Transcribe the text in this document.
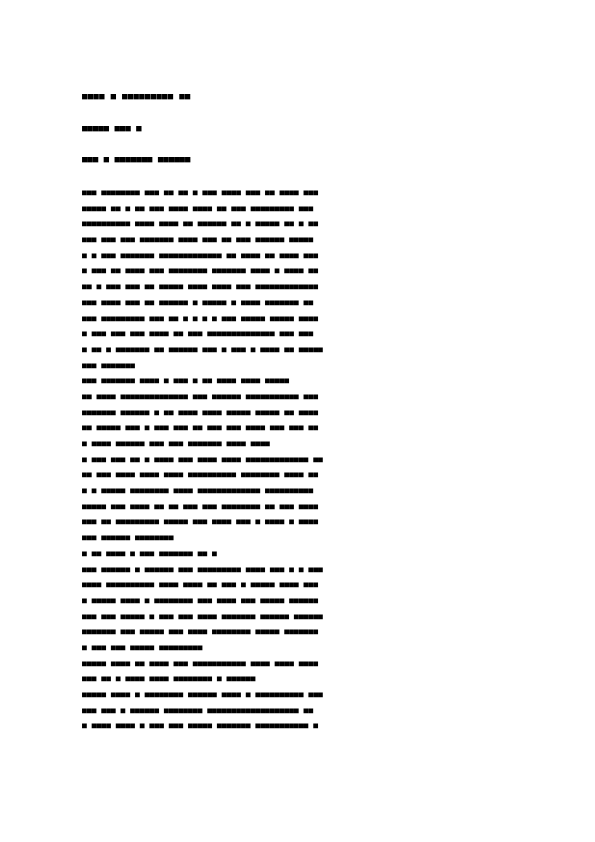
■■■■ ■ ■■■■■■■■■ ■■
■■■■■ ■■■ ■
■■■ ■ ■■■■■■■ ■■■■■■
■■■ ■■■■■■■■ ■■■ ■■ ■■ ■ ■■■ ■■■■ ■■■ ■■ ■■■■ ■■■
■■■■■ ■■ ■ ■■ ■■■ ■■■■ ■■■■ ■■ ■■■ ■■■■■■■■■ ■■■
■■■■■■■■■■ ■■■■ ■■■■ ■■ ■■■■■■ ■■ ■ ■■■■■ ■■ ■ ■■
■■■ ■■■ ■■■ ■■■■■■■ ■■■■ ■■■ ■■ ■■■ ■■■■■■ ■■■■■
■ ■ ■■■ ■■■■■■■ ■■■■■■■■■■■■■ ■■ ■■■■ ■■ ■■■■ ■■■
■ ■■■ ■■ ■■■■ ■■■ ■■■■■■■■ ■■■■■■■ ■■■■ ■ ■■■■ ■■
■■ ■ ■■■ ■■■ ■■ ■■■■■ ■■■■ ■■■■ ■■■ ■■■■■■■■■■■■■
■■■ ■■■■ ■■■ ■■ ■■■■■■ ■ ■■■■■ ■ ■■■■ ■■■■■■■ ■■
■■■ ■■■■■■■■■ ■■■ ■■ ■ ■ ■ ■ ■■■ ■■■■■ ■■■■■ ■■■■
■ ■■■ ■■■ ■■■ ■■■■ ■■ ■■■ ■■■■■■■■■■■■■■ ■■■ ■■■
■ ■■ ■ ■■■■■■■ ■■ ■■■■■■ ■■■ ■ ■■■ ■ ■■■■ ■■ ■■■■■
■■■ ■■■■■■■
■■■ ■■■■■■■ ■■■■ ■ ■■■ ■ ■■ ■■■■ ■■■■ ■■■■■
■■ ■■■■ ■■■■■■■■■■■■■■ ■■■ ■■■■■■ ■■■■■■■■■■■ ■■■
■■■■■■■ ■■■■■■ ■ ■■ ■■■■ ■■■■ ■■■■■ ■■■■■ ■■ ■■■■
■■ ■■■■■ ■■■ ■ ■■■ ■■■ ■■ ■■■ ■■■ ■■■■ ■■■ ■■■ ■■
■ ■■■■ ■■■■■■ ■■■ ■■■ ■■■■■■■ ■■■■ ■■■■
■ ■■■ ■■■ ■■ ■ ■■■■ ■■■ ■■■■ ■■■■ ■■■■■■■■■■■■■ ■■
■■ ■■■ ■■■■ ■■■■ ■■■■ ■■■■■■■■■■ ■■■■■■■■ ■■■■ ■■
■ ■ ■■■■■ ■■■■■■■■ ■■■■ ■■■■■■■■■■■■■ ■■■■■■■■■■
■■■■■ ■■■ ■■■■ ■■ ■■ ■■■ ■■■ ■■■■■■■■ ■■ ■■■ ■■■■
■■■ ■■ ■■■■■■■■■ ■■■■■ ■■■ ■■■■ ■■■ ■ ■■■■ ■ ■■■■
■■■ ■■■■■■ ■■■■■■■■
■ ■■ ■■■■ ■ ■■■ ■■■■■■■ ■■ ■
■■■ ■■■■■■ ■ ■■■■■■ ■■■ ■■■■■■■■■ ■■■■ ■■■ ■ ■ ■■■
■■■■ ■■■■■■■■■■ ■■■■ ■■■■ ■■ ■■■ ■ ■■■■■ ■■■■ ■■■
■ ■■■■■ ■■■■ ■ ■■■■■■■■ ■■■ ■■■■ ■■■ ■■■■■ ■■■■■■
■■■ ■■■ ■■■■■ ■ ■■■ ■■■ ■■■■ ■■■■■■■ ■■■■■■ ■■■■■■
■■■■■■■ ■■■ ■■■■■ ■■■ ■■■■ ■■■■■■■■ ■■■■■ ■■■■■■■
■ ■■■ ■■■ ■■■■■ ■■■■■■■■■
■■■■■ ■■■■ ■■ ■■■■ ■■■ ■■■■■■■■■■■ ■■■■ ■■■■ ■■■■
■■■ ■■ ■ ■■■■ ■■■■ ■■■■■■■■ ■ ■■■■■■
■■■■■ ■■■■ ■ ■■■■■■■■ ■■■■■■ ■■■■ ■ ■■■■■■■■■■ ■■■
■■■ ■■■ ■ ■■■■■■ ■■■■■■■■ ■■■■■■■■■■■■■■■■■■■ ■■
■ ■■■■ ■■■■ ■ ■■■ ■■■ ■■■■■ ■■■■■■■ ■■■■■■■■■■■ ■
